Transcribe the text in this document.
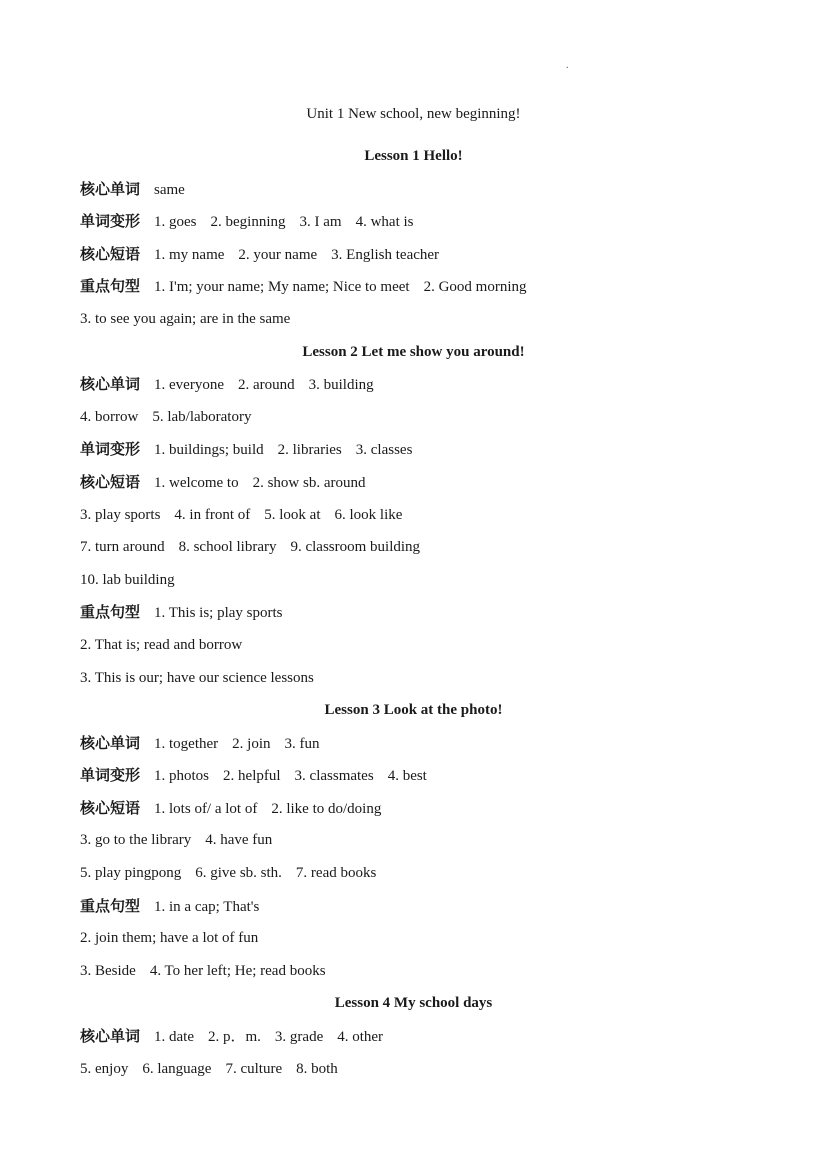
.
Unit 1 New school, new beginning!
Lesson 1 Hello!
核心单词 same
单词变形 1. goes 2. beginning 3. I am 4. what is
核心短语 1. my name 2. your name 3. English teacher
重点句型 1. I'm; your name; My name; Nice to meet 2. Good morning
3. to see you again; are in the same
Lesson 2 Let me show you around!
核心单词 1. everyone 2. around 3. building
4. borrow 5. lab/laboratory
单词变形 1. buildings; build 2. libraries 3. classes
核心短语 1. welcome to 2. show sb. around
3. play sports 4. in front of 5. look at 6. look like
7. turn around 8. school library 9. classroom building
10. lab building
重点句型 1. This is; play sports
2. That is; read and borrow
3. This is our; have our science lessons
Lesson 3 Look at the photo!
核心单词 1. together 2. join 3. fun
单词变形 1. photos 2. helpful 3. classmates 4. best
核心短语 1. lots of/ a lot of 2. like to do/doing
3. go to the library 4. have fun
5. play pingpong 6. give sb. sth. 7. read books
重点句型 1. in a cap; That's
2. join them; have a lot of fun
3. Beside 4. To her left; He; read books
Lesson 4 My school days
核心单词 1. date 2. p．m. 3. grade 4. other
5. enjoy 6. language 7. culture 8. both
